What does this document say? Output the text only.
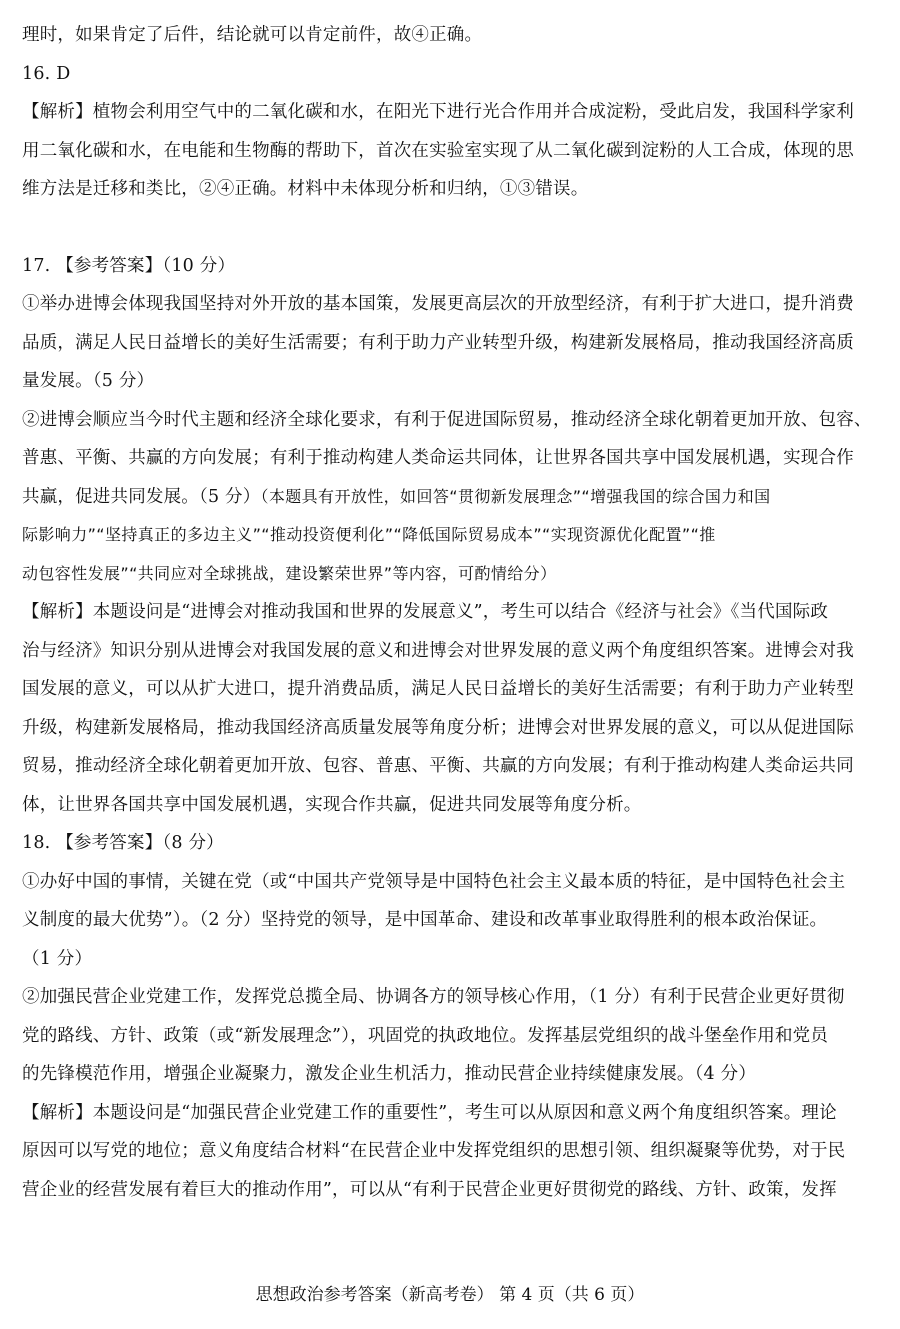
理时，如果肯定了后件，结论就可以肯定前件，故④正确。
16. D
【解析】植物会利用空气中的二氧化碳和水，在阳光下进行光合作用并合成淀粉，受此启发，我国科学家利
用二氧化碳和水，在电能和生物酶的帮助下，首次在实验室实现了从二氧化碳到淀粉的人工合成，体现的思
维方法是迁移和类比，②④正确。材料中未体现分析和归纳，①③错误。
17. 【参考答案】（10 分）
①举办进博会体现我国坚持对外开放的基本国策，发展更高层次的开放型经济，有利于扩大进口，提升消费
品质，满足人民日益增长的美好生活需要；有利于助力产业转型升级，构建新发展格局，推动我国经济高质
量发展。（5 分）
②进博会顺应当今时代主题和经济全球化要求，有利于促进国际贸易，推动经济全球化朝着更加开放、包容、
普惠、平衡、共赢的方向发展；有利于推动构建人类命运共同体，让世界各国共享中国发展机遇，实现合作
共赢，促进共同发展。（5 分）（本题具有开放性，如回答“贯彻新发展理念”“增强我国的综合国力和国
际影响力”“坚持真正的多边主义”“推动投资便利化”“降低国际贸易成本”“实现资源优化配置”“推
动包容性发展”“共同应对全球挑战，建设繁荣世界”等内容，可酌情给分）
【解析】本题设问是“进博会对推动我国和世界的发展意义”，考生可以结合《经济与社会》《当代国际政
治与经济》知识分别从进博会对我国发展的意义和进博会对世界发展的意义两个角度组织答案。进博会对我
国发展的意义，可以从扩大进口，提升消费品质，满足人民日益增长的美好生活需要；有利于助力产业转型
升级，构建新发展格局，推动我国经济高质量发展等角度分析；进博会对世界发展的意义，可以从促进国际
贸易，推动经济全球化朝着更加开放、包容、普惠、平衡、共赢的方向发展；有利于推动构建人类命运共同
体，让世界各国共享中国发展机遇，实现合作共赢，促进共同发展等角度分析。
18. 【参考答案】（8 分）
①办好中国的事情，关键在党（或“中国共产党领导是中国特色社会主义最本质的特征，是中国特色社会主
义制度的最大优势”）。（2 分）坚持党的领导，是中国革命、建设和改革事业取得胜利的根本政治保证。
（1 分）
②加强民营企业党建工作，发挥党总揽全局、协调各方的领导核心作用，（1 分）有利于民营企业更好贯彻
党的路线、方针、政策（或“新发展理念”），巩固党的执政地位。发挥基层党组织的战斗堡垒作用和党员
的先锋模范作用，增强企业凝聚力，激发企业生机活力，推动民营企业持续健康发展。（4 分）
【解析】本题设问是“加强民营企业党建工作的重要性”，考生可以从原因和意义两个角度组织答案。理论
原因可以写党的地位；意义角度结合材料“在民营企业中发挥党组织的思想引领、组织凝聚等优势，对于民
营企业的经营发展有着巨大的推动作用”，可以从“有利于民营企业更好贯彻党的路线、方针、政策，发挥
思想政治参考答案（新高考卷） 第 4 页（共 6 页）
